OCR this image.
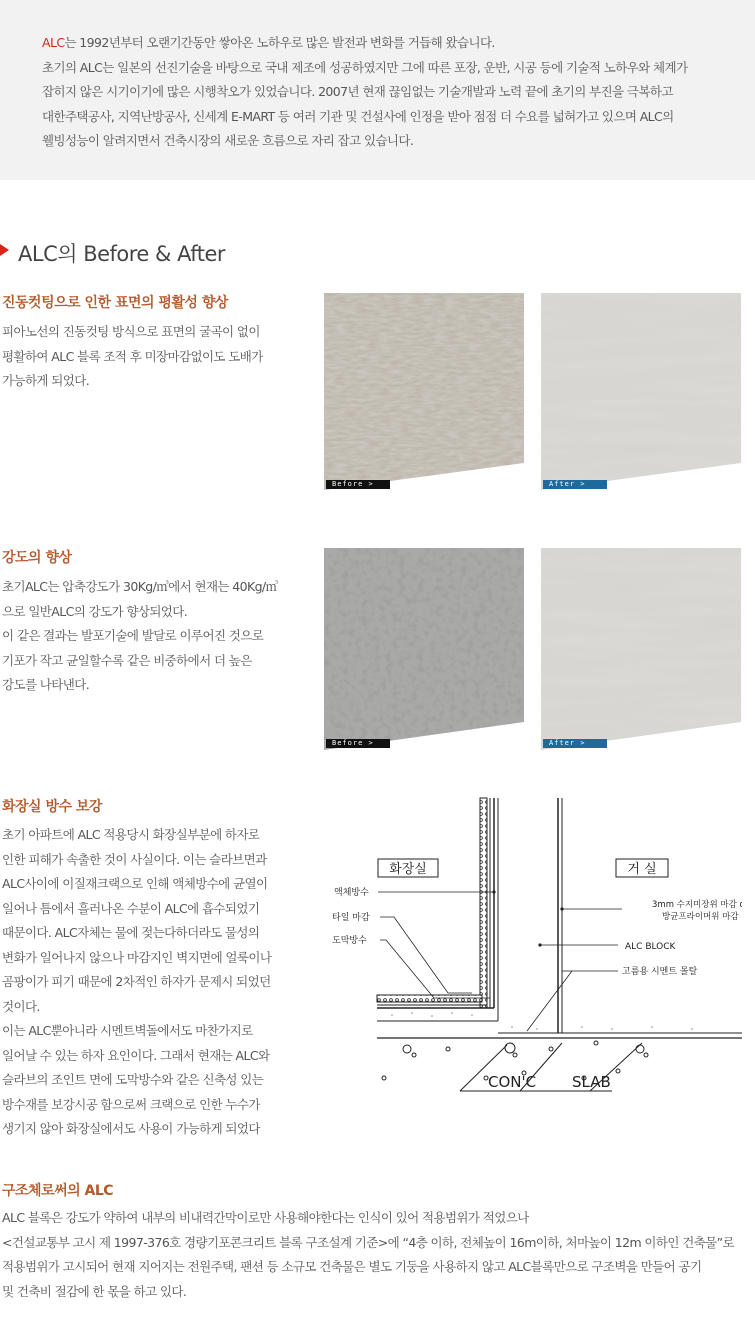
ALC는 1992년부터 오랜기간동안 쌓아온 노하우로 많은 발전과 변화를 거듭해 왔습니다.
초기의 ALC는 일본의 선진기술을 바탕으로 국내 제조에 성공하였지만 그에 따른 포장, 운반, 시공 등에 기술적 노하우와 체계가
잡히지 않은 시기이기에 많은 시행착오가 있었습니다. 2007년 현재 끊임없는 기술개발과 노력 끝에 초기의 부진을 극복하고
대한주택공사, 지역난방공사, 신세계 E-MART 등 여러 기관 및 건설사에 인정을 받아 점점 더 수요를 넓혀가고 있으며 ALC의
웰빙성능이 알려지면서 건축시장의 새로운 흐름으로 자리 잡고 있습니다.

ALC의 Before & After
진동컷팅으로 인한 표면의 평활성 향상

피아노선의 진동컷팅 방식으로 표면의 굴곡이 없이
평활하여 ALC 블록 조적 후 미장마감없이도 도배가
가능하게 되었다.

Before >	After >
강도의 향상

초기ALC는 압축강도가 30Kg/㎥에서 현재는 40Kg/㎥
으로 일반ALC의 강도가 향상되었다.
이 같은 결과는 발포기술에 발달로 이루어진 것으로
기포가 작고 균일할수록 같은 비중하에서 더 높은
강도를 나타낸다.

Before >	After >
화장실 방수 보강

초기 아파트에 ALC 적용당시 화장실부분에 하자로
인한 피해가 속출한 것이 사실이다. 이는 슬라브면과
ALC사이에 이질재크랙으로 인해 액체방수에 균열이
일어나 틈에서 흘러나온 수분이 ALC에 흡수되었기
때문이다. ALC자체는 물에 젖는다하더라도 물성의
변화가 일어나지 않으나 마감지인 벽지면에 얼룩이나
곰팡이가 피기 때문에 2차적인 하자가 문제시 되었던
것이다.
이는 ALC뿐아니라 시멘트벽돌에서도 마찬가지로
일어날 수 있는 하자 요인이다. 그래서 현재는 ALC와
슬라브의 조인트 면에 도막방수와 같은 신축성 있는
방수재를 보강시공 함으로써 크랙으로 인한 누수가
생기지 않아 화장실에서도 사용이 가능하게 되었다

화장실	거 실
액체방수
타일 마감
도막방수
3mm 수지미장위 마감 or
방균프라이머위 마감
ALC BLOCK
고름용 시멘트 몰탈
CON'C SLAB
구조체로써의 ALC

ALC 블록은 강도가 약하여 내부의 비내력간막이로만 사용해야한다는 인식이 있어 적용범위가 적었으나
<건설교통부 고시 제 1997-376호 경량기포콘크리트 블록 구조설계 기준>에 “4층 이하, 전체높이 16m이하, 처마높이 12m 이하인 건축물”로
적용범위가 고시되어 현재 지어지는 전원주택, 팬션 등 소규모 건축물은 별도 기둥을 사용하지 않고 ALC블록만으로 구조벽을 만들어 공기
및 건축비 절감에 한 몫을 하고 있다.
